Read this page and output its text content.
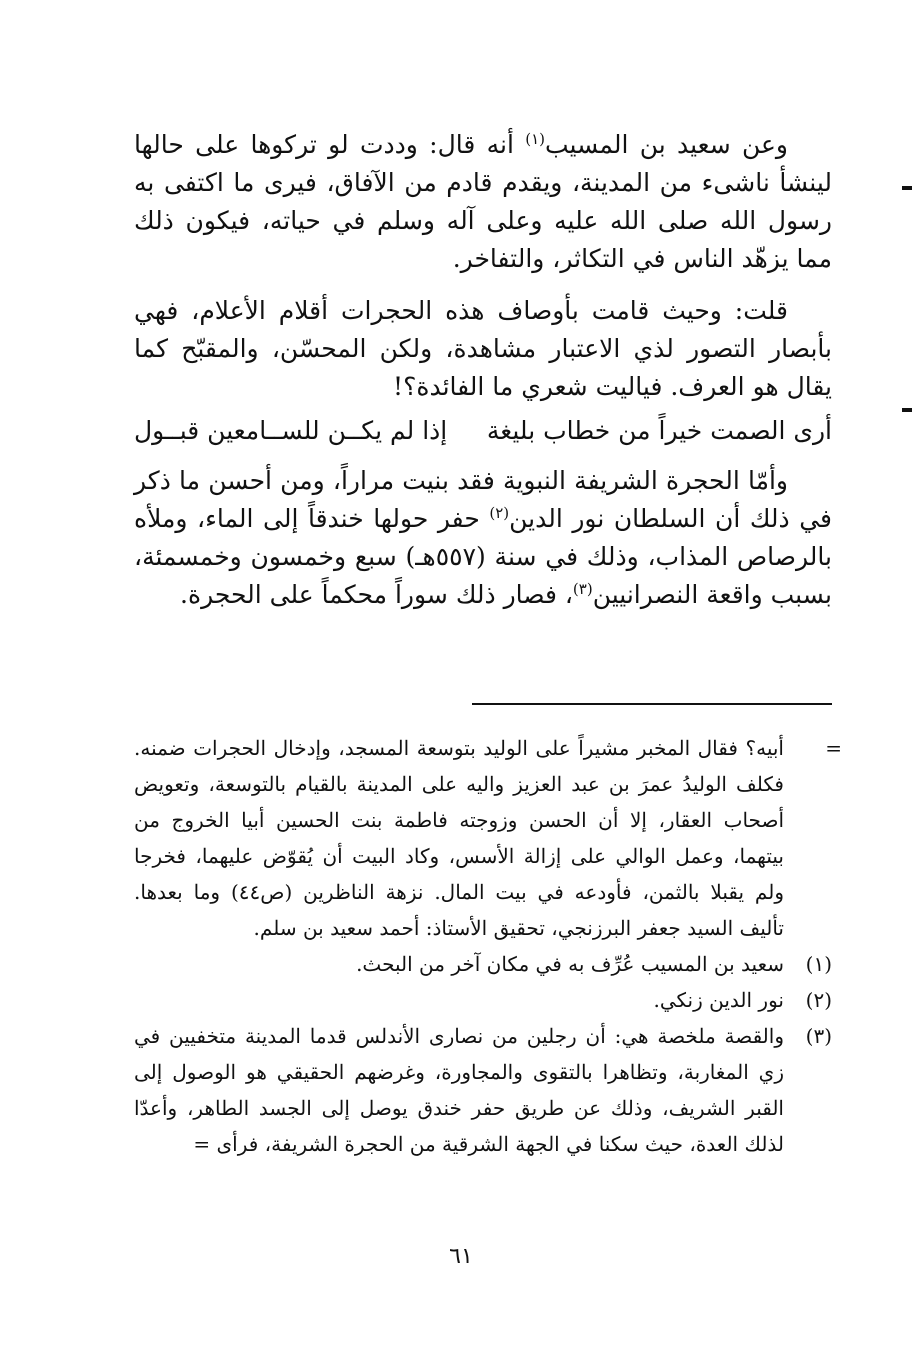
وعن سعيد بن المسيب$^{(١)}$ أنه قال: وددت لو تركوها على حالها لينشأ ناشىء من المدينة، ويقدم قادم من الآفاق، فيرى ما اكتفى به رسول الله صلى الله عليه وعلى آله وسلم في حياته، فيكون ذلك مما يزهّد الناس في التكاثر، والتفاخر.

قلت: وحيث قامت بأوصاف هذه الحجرات أقلام الأعلام، فهي بأبصار التصور لذي الاعتبار مشاهدة، ولكن المحسّن، والمقبّح كما يقال هو العرف. فياليت شعري ما الفائدة؟!

أرى الصمت خيراً من خطاب بليغة
إذا لم يكــن للســامعين قبــول

وأمّا الحجرة الشريفة النبوية فقد بنيت مراراً، ومن أحسن ما ذكر في ذلك أن السلطان نور الدين$^{(٢)}$ حفر حولها خندقاً إلى الماء، وملأه بالرصاص المذاب، وذلك في سنة (٥٥٧هـ) سبع وخمسون وخمسمئة، بسبب واقعة النصرانيين$^{(٣)}$، فصار ذلك سوراً محكماً على الحجرة.

=
أبيه؟ فقال المخبر مشيراً على الوليد بتوسعة المسجد، وإدخال الحجرات ضمنه. فكلف الوليدُ عمرَ بن عبد العزيز واليه على المدينة بالقيام بالتوسعة، وتعويض أصحاب العقار، إلا أن الحسن وزوجته فاطمة بنت الحسين أبيا الخروج من بيتهما، وعمل الوالي على إزالة الأسس، وكاد البيت أن يُقوّض عليهما، فخرجا ولم يقبلا بالثمن، فأودعه في بيت المال. نزهة الناظرين (ص٤٤) وما بعدها. تأليف السيد جعفر البرزنجي، تحقيق الأستاذ: أحمد سعيد بن سلم.
(١)
سعيد بن المسيب عُرِّف به في مكان آخر من البحث.
(٢)
نور الدين زنكي.
(٣)
والقصة ملخصة هي: أن رجلين من نصارى الأندلس قدما المدينة متخفيين في زي المغاربة، وتظاهرا بالتقوى والمجاورة، وغرضهم الحقيقي هو الوصول إلى القبر الشريف، وذلك عن طريق حفر خندق يوصل إلى الجسد الطاهر، وأعدّا لذلك العدة، حيث سكنا في الجهة الشرقية من الحجرة الشريفة، فرأى =
٦١
